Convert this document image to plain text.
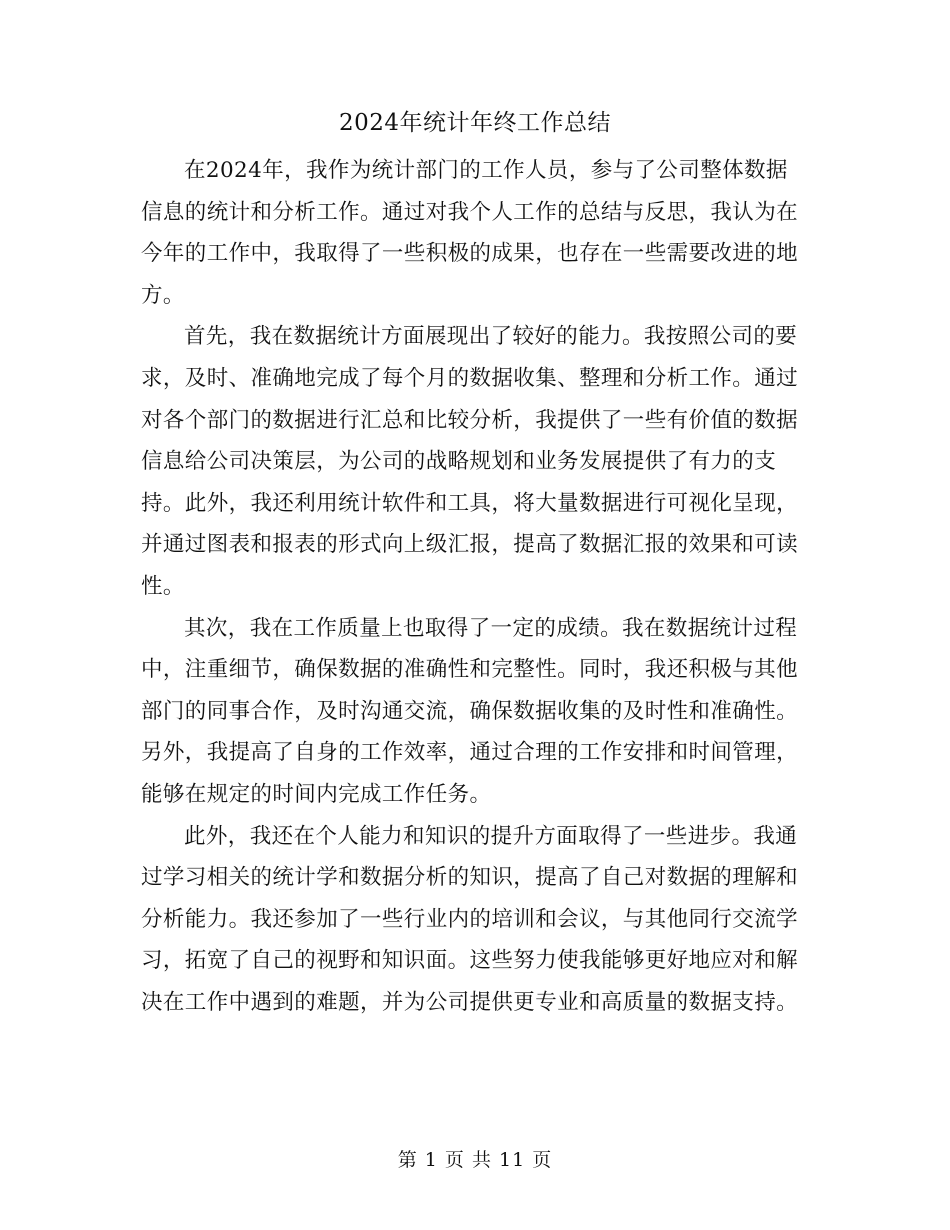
2024年统计年终工作总结

在2024年，我作为统计部门的工作人员，参与了公司整体数据信息的统计和分析工作。通过对我个人工作的总结与反思，我认为在今年的工作中，我取得了一些积极的成果，也存在一些需要改进的地方。

首先，我在数据统计方面展现出了较好的能力。我按照公司的要求，及时、准确地完成了每个月的数据收集、整理和分析工作。通过对各个部门的数据进行汇总和比较分析，我提供了一些有价值的数据信息给公司决策层，为公司的战略规划和业务发展提供了有力的支持。此外，我还利用统计软件和工具，将大量数据进行可视化呈现，并通过图表和报表的形式向上级汇报，提高了数据汇报的效果和可读性。

其次，我在工作质量上也取得了一定的成绩。我在数据统计过程中，注重细节，确保数据的准确性和完整性。同时，我还积极与其他部门的同事合作，及时沟通交流，确保数据收集的及时性和准确性。另外，我提高了自身的工作效率，通过合理的工作安排和时间管理，能够在规定的时间内完成工作任务。

此外，我还在个人能力和知识的提升方面取得了一些进步。我通过学习相关的统计学和数据分析的知识，提高了自己对数据的理解和分析能力。我还参加了一些行业内的培训和会议，与其他同行交流学习，拓宽了自己的视野和知识面。这些努力使我能够更好地应对和解决在工作中遇到的难题，并为公司提供更专业和高质量的数据支持。

第 1 页 共 11 页
